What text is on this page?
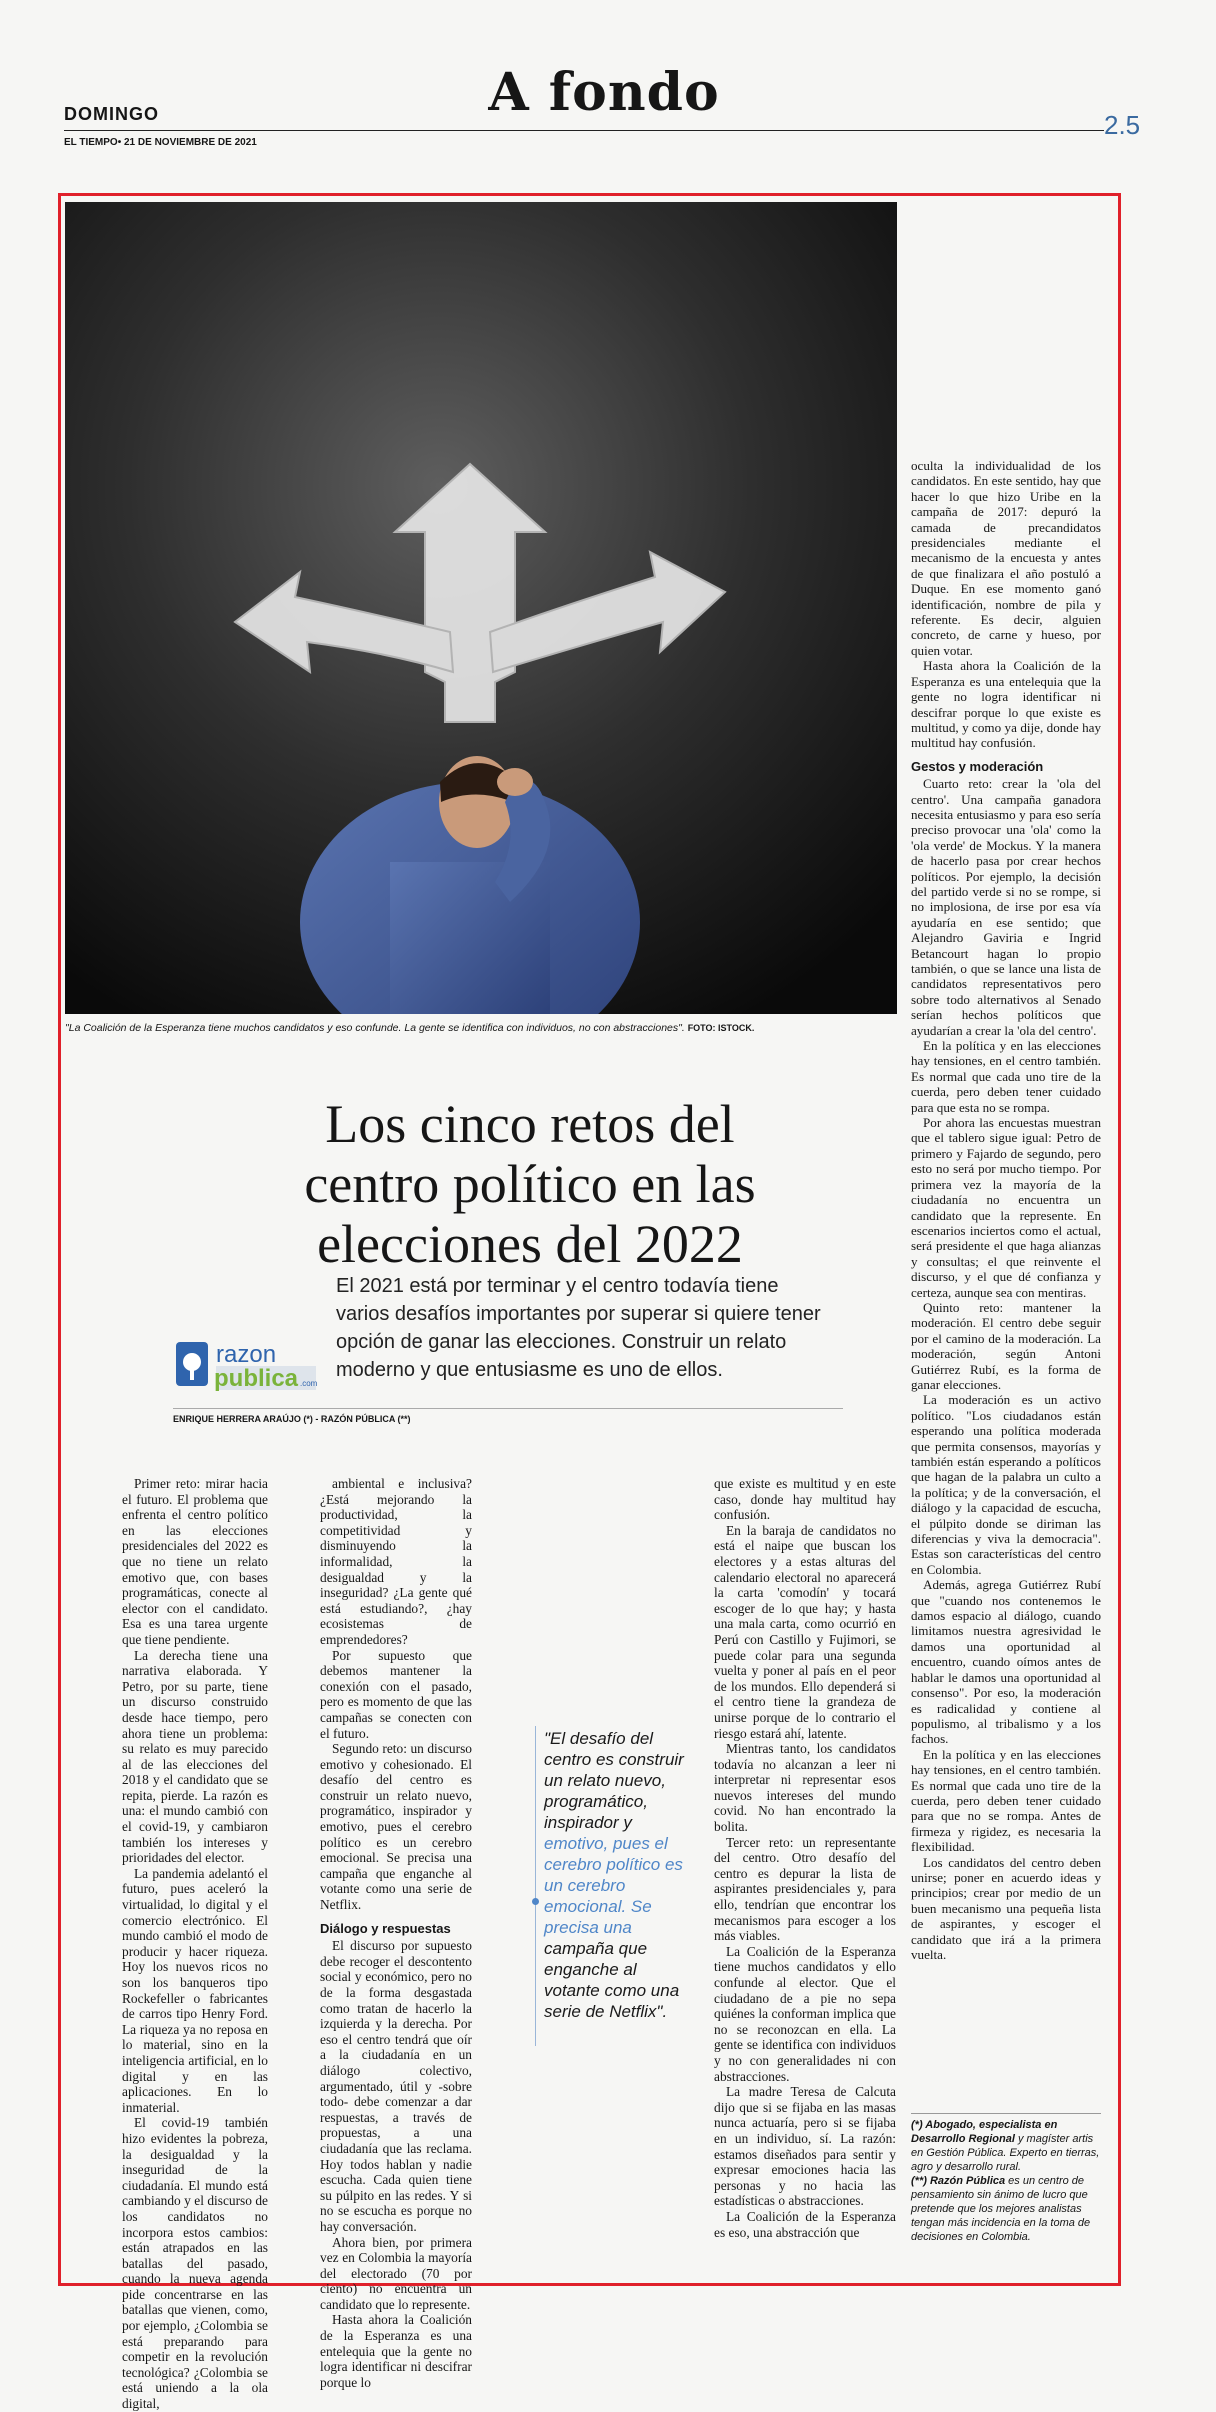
A fondo
DOMINGO
EL TIEMPO• 21 DE NOVIEMBRE DE 2021
2.5
"La Coalición de la Esperanza tiene muchos candidatos y eso confunde. La gente se identifica con individuos, no con abstracciones". FOTO: ISTOCK.
Los cinco retos del
centro político en las
elecciones del 2022
El 2021 está por terminar y el centro todavía tiene varios desafíos importantes por superar si quiere tener opción de ganar las elecciones. Construir un relato moderno y que entusiasme es uno de ellos.
razon
publica .com
ENRIQUE HERRERA ARAÚJO (*) - RAZÓN PÚBLICA (**)

Primer reto: mirar hacia el futuro. El problema que enfrenta el centro político en las elecciones presidenciales del 2022 es que no tiene un relato emotivo que, con bases programáticas, conecte al elector con el candidato. Esa es una tarea urgente que tiene pendiente.

La derecha tiene una narrativa elaborada. Y Petro, por su parte, tiene un discurso construido desde hace tiempo, pero ahora tiene un problema: su relato es muy parecido al de las elecciones del 2018 y el candidato que se repita, pierde. La razón es una: el mundo cambió con el covid-19, y cambiaron también los intereses y prioridades del elector.

La pandemia adelantó el futuro, pues aceleró la virtualidad, lo digital y el comercio electrónico. El mundo cambió el modo de producir y hacer riqueza. Hoy los nuevos ricos no son los banqueros tipo Rockefeller o fabricantes de carros tipo Henry Ford. La riqueza ya no reposa en lo material, sino en la inteligencia artificial, en lo digital y en las aplicaciones. En lo inmaterial.

El covid-19 también hizo evidentes la pobreza, la desigualdad y la inseguridad de la ciudadanía. El mundo está cambiando y el discurso de los candidatos no incorpora estos cambios: están atrapados en las batallas del pasado, cuando la nueva agenda pide concentrarse en las batallas que vienen, como, por ejemplo, ¿Colombia se está preparando para competir en la revolución tecnológica? ¿Colombia se está uniendo a la ola digital,

ambiental e inclusiva? ¿Está mejorando la productividad, la competitividad y disminuyendo la informalidad, la desigualdad y la inseguridad? ¿La gente qué está estudiando?, ¿hay ecosistemas de emprendedores?

Por supuesto que debemos mantener la conexión con el pasado, pero es momento de que las campañas se conecten con el futuro.

Segundo reto: un discurso emotivo y cohesionado. El desafío del centro es construir un relato nuevo, programático, inspirador y emotivo, pues el cerebro político es un cerebro emocional. Se precisa una campaña que enganche al votante como una serie de Netflix.

Diálogo y respuestas

El discurso por supuesto debe recoger el descontento social y económico, pero no de la forma desgastada como tratan de hacerlo la izquierda y la derecha. Por eso el centro tendrá que oír a la ciudadanía en un diálogo colectivo, argumentado, útil y -sobre todo- debe comenzar a dar respuestas, a través de propuestas, a una ciudadanía que las reclama. Hoy todos hablan y nadie escucha. Cada quien tiene su púlpito en las redes. Y si no se escucha es porque no hay conversación.

Ahora bien, por primera vez en Colombia la mayoría del electorado (70 por ciento) no encuentra un candidato que lo represente.

Hasta ahora la Coalición de la Esperanza es una entelequia que la gente no logra identificar ni descifrar porque lo

"El desafío del centro es construir un relato nuevo, programático, inspirador y emotivo, pues el cerebro político es un cerebro emocional. Se precisa una campaña que enganche al votante como una serie de Netflix".

que existe es multitud y en este caso, donde hay multitud hay confusión.

En la baraja de candidatos no está el naipe que buscan los electores y a estas alturas del calendario electoral no aparecerá la carta 'comodín' y tocará escoger de lo que hay; y hasta una mala carta, como ocurrió en Perú con Castillo y Fujimori, se puede colar para una segunda vuelta y poner al país en el peor de los mundos. Ello dependerá si el centro tiene la grandeza de unirse porque de lo contrario el riesgo estará ahí, latente.

Mientras tanto, los candidatos todavía no alcanzan a leer ni interpretar ni representar esos nuevos intereses del mundo covid. No han encontrado la bolita.

Tercer reto: un representante del centro. Otro desafío del centro es depurar la lista de aspirantes presidenciales y, para ello, tendrían que encontrar los mecanismos para escoger a los más viables.

La Coalición de la Esperanza tiene muchos candidatos y ello confunde al elector. Que el ciudadano de a pie no sepa quiénes la conforman implica que no se reconozcan en ella. La gente se identifica con individuos y no con generalidades ni con abstracciones.

La madre Teresa de Calcuta dijo que si se fijaba en las masas nunca actuaría, pero si se fijaba en un individuo, sí. La razón: estamos diseñados para sentir y expresar emociones hacia las personas y no hacia las estadísticas o abstracciones.

La Coalición de la Esperanza es eso, una abstracción que

oculta la individualidad de los candidatos. En este sentido, hay que hacer lo que hizo Uribe en la campaña de 2017: depuró la camada de precandidatos presidenciales mediante el mecanismo de la encuesta y antes de que finalizara el año postuló a Duque. En ese momento ganó identificación, nombre de pila y referente. Es decir, alguien concreto, de carne y hueso, por quien votar.

Hasta ahora la Coalición de la Esperanza es una entelequia que la gente no logra identificar ni descifrar porque lo que existe es multitud, y como ya dije, donde hay multitud hay confusión.

Gestos y moderación

Cuarto reto: crear la 'ola del centro'. Una campaña ganadora necesita entusiasmo y para eso sería preciso provocar una 'ola' como la 'ola verde' de Mockus. Y la manera de hacerlo pasa por crear hechos políticos. Por ejemplo, la decisión del partido verde si no se rompe, si no implosiona, de irse por esa vía ayudaría en ese sentido; que Alejandro Gaviria e Ingrid Betancourt hagan lo propio también, o que se lance una lista de candidatos representativos pero sobre todo alternativos al Senado serían hechos políticos que ayudarían a crear la 'ola del centro'.

En la política y en las elecciones hay tensiones, en el centro también. Es normal que cada uno tire de la cuerda, pero deben tener cuidado para que esta no se rompa.

Por ahora las encuestas muestran que el tablero sigue igual: Petro de primero y Fajardo de segundo, pero esto no será por mucho tiempo. Por primera vez la mayoría de la ciudadanía no encuentra un candidato que la represente. En escenarios inciertos como el actual, será presidente el que haga alianzas y consultas; el que reinvente el discurso, y el que dé confianza y certeza, aunque sea con mentiras.

Quinto reto: mantener la moderación. El centro debe seguir por el camino de la moderación. La moderación, según Antoni Gutiérrez Rubí, es la forma de ganar elecciones.

La moderación es un activo político. "Los ciudadanos están esperando una política moderada que permita consensos, mayorías y también están esperando a políticos que hagan de la palabra un culto a la política; y de la conversación, el diálogo y la capacidad de escucha, el púlpito donde se diriman las diferencias y viva la democracia". Estas son características del centro en Colombia.

Además, agrega Gutiérrez Rubí que "cuando nos contenemos le damos espacio al diálogo, cuando limitamos nuestra agresividad le damos una oportunidad al encuentro, cuando oímos antes de hablar le damos una oportunidad al consenso". Por eso, la moderación es radicalidad y contiene al populismo, al tribalismo y a los fachos.

En la política y en las elecciones hay tensiones, en el centro también. Es normal que cada uno tire de la cuerda, pero deben tener cuidado para que no se rompa. Antes de firmeza y rigidez, es necesaria la flexibilidad.

Los candidatos del centro deben unirse; poner en acuerdo ideas y principios; crear por medio de un buen mecanismo una pequeña lista de aspirantes, y escoger el candidato que irá a la primera vuelta.

(*) Abogado, especialista en Desarrollo Regional y magíster artis en Gestión Pública. Experto en tierras, agro y desarrollo rural.
(**) Razón Pública es un centro de pensamiento sin ánimo de lucro que pretende que los mejores analistas tengan más incidencia en la toma de decisiones en Colombia.
